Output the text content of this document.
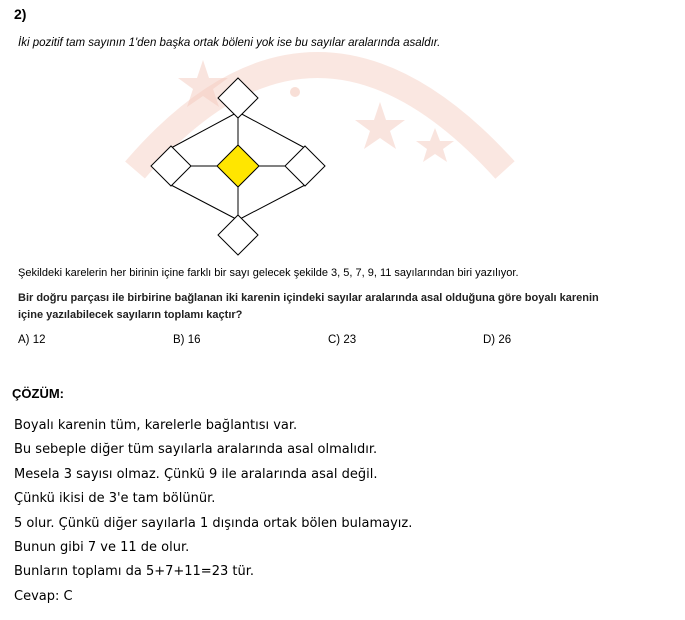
2)
İki pozitif tam sayının 1'den başka ortak böleni yok ise bu sayılar aralarında asaldır.
Şekildeki karelerin her birinin içine farklı bir sayı gelecek şekilde 3, 5, 7, 9, 11 sayılarından biri yazılıyor.
Bir doğru parçası ile birbirine bağlanan iki karenin içindeki sayılar aralarında asal olduğuna göre boyalı karenin
içine yazılabilecek sayıların toplamı kaçtır?
A) 12	B) 16	C) 23	D) 26
ÇÖZÜM:
Boyalı karenin tüm, karelerle bağlantısı var.
Bu sebeple diğer tüm sayılarla aralarında asal olmalıdır.
Mesela 3 sayısı olmaz. Çünkü 9 ile aralarında asal değil.
Çünkü ikisi de 3'e tam bölünür.
5 olur. Çünkü diğer sayılarla 1 dışında ortak bölen bulamayız.
Bunun gibi 7 ve 11 de olur.
Bunların toplamı da 5+7+11=23 tür.
Cevap: C
